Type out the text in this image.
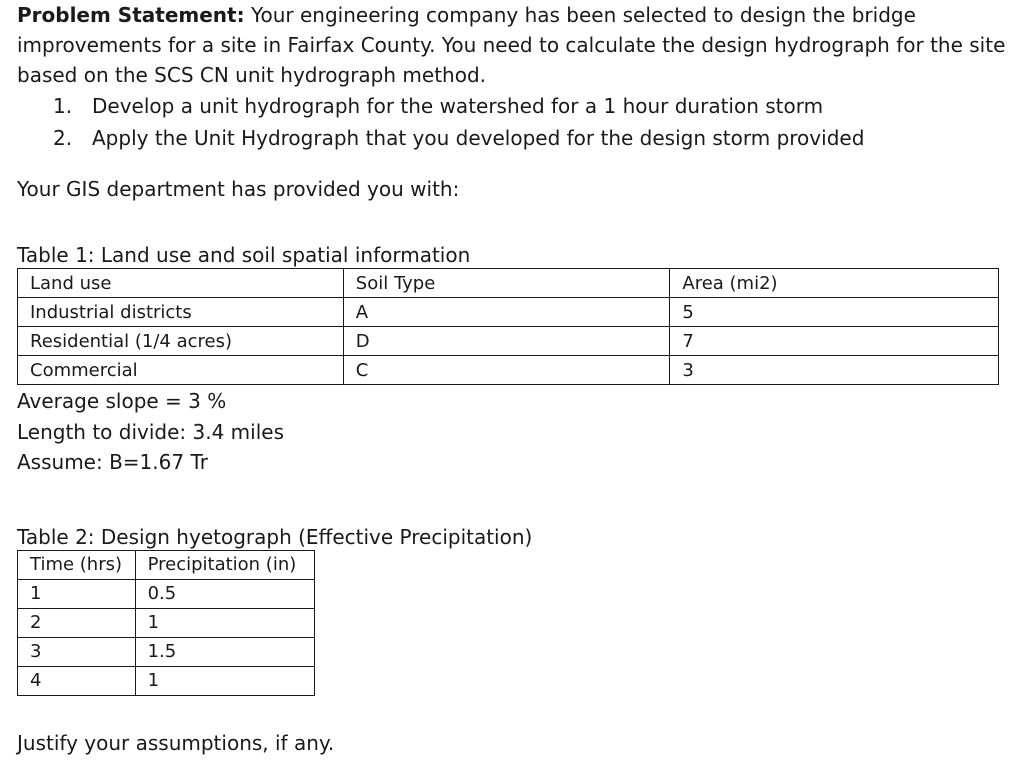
Problem Statement: Your engineering company has been selected to design the bridge improvements for a site in Fairfax County. You need to calculate the design hydrograph for the site based on the SCS CN unit hydrograph method.

1. Develop a unit hydrograph for the watershed for a 1 hour duration storm
2. Apply the Unit Hydrograph that you developed for the design storm provided

Your GIS department has provided you with:

Table 1: Land use and soil spatial information

Land use	Soil Type	Area (mi2)
Industrial districts	A	5
Residential (1/4 acres)	D	7
Commercial	C	3

Average slope = 3 %

Length to divide: 3.4 miles

Assume: B=1.67 Tr

Table 2: Design hyetograph (Effective Precipitation)

Time (hrs)	Precipitation (in)
1	0.5
2	1
3	1.5
4	1

Justify your assumptions, if any.
